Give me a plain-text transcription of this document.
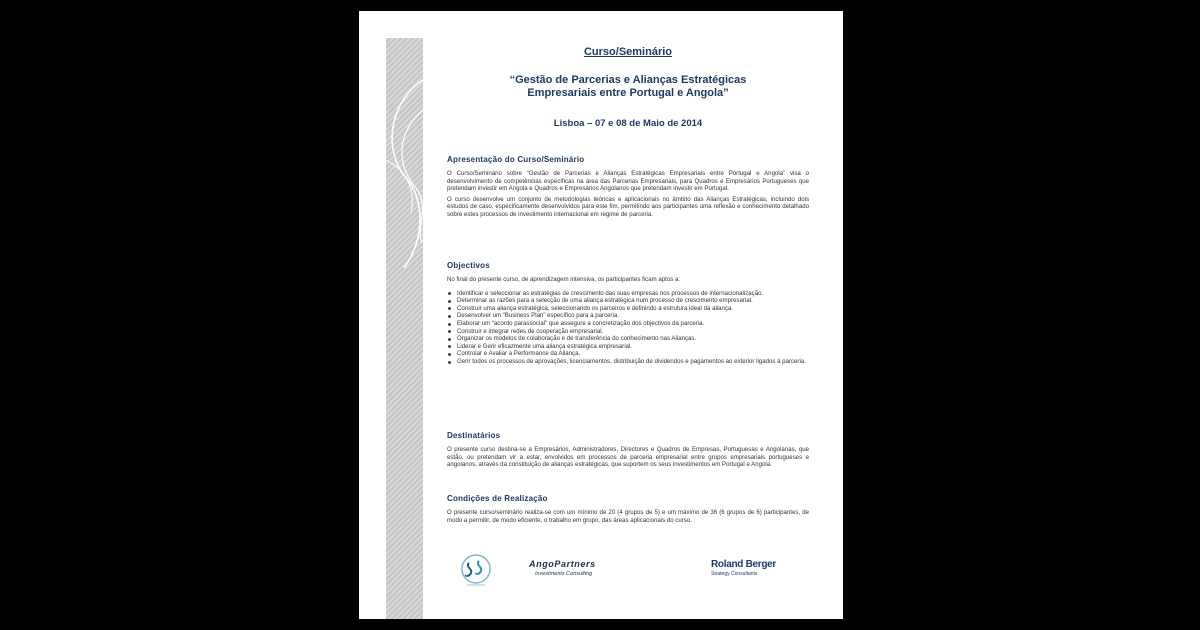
Curso/Seminário
“Gestão de Parcerias e Alianças Estratégicas
Empresariais entre Portugal e Angola”
Lisboa – 07 e 08 de Maio de 2014
Apresentação do Curso/Seminário

O Curso/Seminário sobre “Gestão de Parcerias e Alianças Estratégicas Empresariais entre Portugal e Angola” visa o desenvolvimento de competências específicas na área das Parcerias Empresariais, para Quadros e Empresários Portugueses que pretendam investir em Angola e Quadros e Empresários Angolanos que pretendam investir em Portugal.

O curso desenvolve um conjunto de metodologias teóricas e aplicacionais no âmbito das Alianças Estratégicas, incluindo dois estudos de caso, especificamente desenvolvidos para este fim, permitindo aos participantes uma reflexão e conhecimento detalhado sobre estes processos de investimento internacional em regime de parceria.

Objectivos

No final do presente curso, de aprendizagem intensiva, os participantes ficam aptos a:

Identificar e seleccionar as estratégias de crescimento das suas empresas nos processos de internacionalização.
Determinar as razões para a selecção de uma aliança estratégica num processo de crescimento empresarial.
Construir uma aliança estratégica, seleccionando os parceiros e definindo a estrutura ideal da aliança.
Desenvolver um “Business Plan” específico para a parceria.
Elaborar um “acordo parassocial” que assegure a concretização dos objectivos da parceria.
Construir e integrar redes de cooperação empresarial.
Organizar os modelos de colaboração e de transferência do conhecimento nas Alianças.
Liderar e Gerir eficazmente uma aliança estratégica empresarial.
Controlar e Avaliar a Performance da Aliança.
Gerir todos os processos de aprovações, licenciamentos, distribuição de dividendos e pagamentos ao exterior ligados à parceria.
Destinatários

O presente curso destina-se a Empresários, Administradores, Directores e Quadros de Empresas, Portuguesas e Angolanas, que estão, ou pretendam vir a estar, envolvidos em processos de parceria empresarial entre grupos empresariais portugueses e angolanos, através da constituição de alianças estratégicas, que suportem os seus investimentos em Portugal e Angola.

Condições de Realização

O presente curso/seminário realiza-se com um mínimo de 20 (4 grupos de 5) e um máximo de 36 (6 grupos de 6) participantes, de modo a permitir, de modo eficiente, o trabalho em grupo, das áreas aplicacionais do curso.

AngoPartners
Investments Consulting
Roland Berger
Strategy Consultants
